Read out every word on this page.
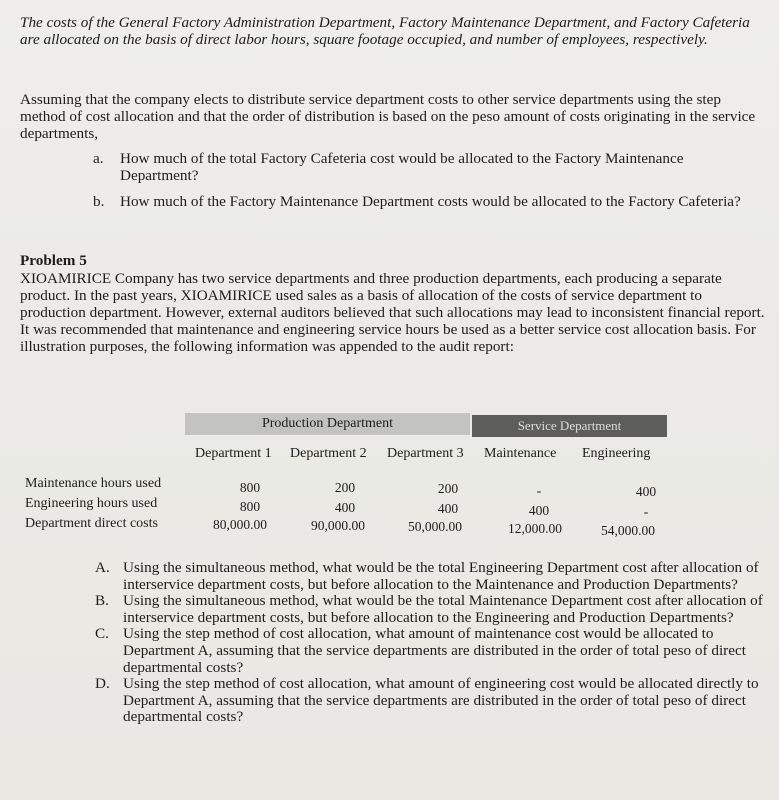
The costs of the General Factory Administration Department, Factory Maintenance Department, and Factory Cafeteria are allocated on the basis of direct labor hours, square footage occupied, and number of employees, respectively.
Assuming that the company elects to distribute service department costs to other service departments using the step method of cost allocation and that the order of distribution is based on the peso amount of costs originating in the service departments,
a. How much of the total Factory Cafeteria cost would be allocated to the Factory Maintenance Department?
b. How much of the Factory Maintenance Department costs would be allocated to the Factory Cafeteria?
Problem 5
XIOAMIRICE Company has two service departments and three production departments, each producing a separate product. In the past years, XIOAMIRICE used sales as a basis of allocation of the costs of service department to production department. However, external auditors believed that such allocations may lead to inconsistent financial report. It was recommended that maintenance and engineering service hours be used as a better service cost allocation basis. For illustration purposes, the following information was appended to the audit report:
Production Department	Service Department
Department 1 Department 2 Department 3 Maintenance Engineering
Maintenance hours used	800	200	200	-	400
Engineering hours used	800	400	400	400	-
Department direct costs	80,000.00	90,000.00	50,000.00	12,000.00	54,000.00
A. Using the simultaneous method, what would be the total Engineering Department cost after allocation of interservice department costs, but before allocation to the Maintenance and Production Departments?
B. Using the simultaneous method, what would be the total Maintenance Department cost after allocation of interservice department costs, but before allocation to the Engineering and Production Departments?
C. Using the step method of cost allocation, what amount of maintenance cost would be allocated to Department A, assuming that the service departments are distributed in the order of total peso of direct departmental costs?
D. Using the step method of cost allocation, what amount of engineering cost would be allocated directly to Department A, assuming that the service departments are distributed in the order of total peso of direct departmental costs?
